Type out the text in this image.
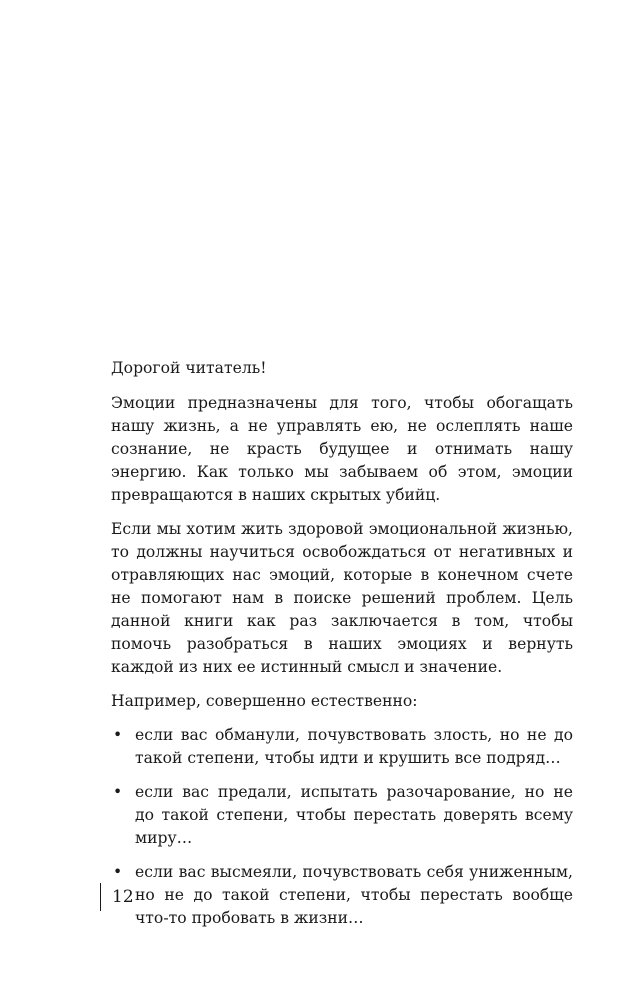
Дорогой читатель!

Эмоции предназначены для того, чтобы обогащать нашу жизнь, а не управлять ею, не ослеплять наше сознание, не красть будущее и отнимать нашу энергию. Как только мы забываем об этом, эмоции превращаются в наших скрытых убийц.

Если мы хотим жить здоровой эмоциональной жизнью, то должны научиться освобождаться от негативных и отравляющих нас эмоций, которые в конечном счете не помогают нам в поиске решений проблем. Цель данной книги как раз заключается в том, чтобы помочь разобраться в наших эмоциях и вернуть каждой из них ее истинный смысл и значение.

Например, совершенно естественно:

• если вас обманули, почувствовать злость, но не до такой степени, чтобы идти и крушить все подряд…
• если вас предали, испытать разочарование, но не до такой степени, чтобы перестать доверять всему миру…
• если вас высмеяли, почувствовать себя униженным, но не до такой степени, чтобы перестать вообще что-то пробовать в жизни…
12
